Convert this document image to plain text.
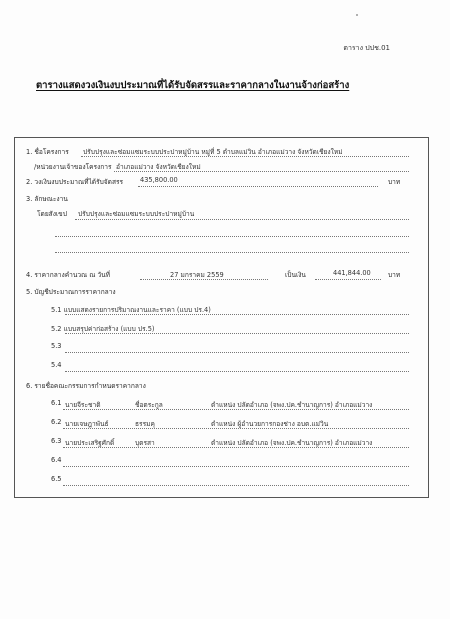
ตาราง ปปช.01
ตารางแสดงวงเงินงบประมาณที่ได้รับจัดสรรและราคากลางในงานจ้างก่อสร้าง
1. ชื่อโครงการ ปรับปรุงและซ่อมแซมระบบประปาหมู่บ้าน หมู่ที่ 5 ตำบลแม่วิน อำเภอแม่วาง จังหวัดเชียงใหม่
/หน่วยงานเจ้าของโครงการ อำเภอแม่วาง จังหวัดเชียงใหม่
2. วงเงินงบประมาณที่ได้รับจัดสรร	435,800.00	บาท
3. ลักษณะงาน
โดยสังเขป ปรับปรุงและซ่อมแซมระบบประปาหมู่บ้าน
4. ราคากลางคำนวณ ณ วันที่	27 มกราคม 2559	เป็นเงิน	441,844.00	บาท
5. บัญชีประมาณการราคากลาง
5.1 แบบแสดงรายการปริมาณงานและราคา (แบบ ปร.4)
5.2 แบบสรุปค่าก่อสร้าง (แบบ ปร.5)
5.3
5.4
6. รายชื่อคณะกรรมการกำหนดราคากลาง
6.1 นายจีระชาติ	ชื่อตระกูล	ตำแหน่ง ปลัดอำเภอ (จพง.ปค.ชำนาญการ) อำเภอแม่วาง
6.2 นายเจษฎาพันธ์	ธรรมคุ	ตำแหน่ง ผู้อำนวยการกองช่าง อบต.แม่วิน
6.3 นายประเสริฐศักดิ์	บุตรสา	ตำแหน่ง ปลัดอำเภอ (จพง.ปค.ชำนาญการ) อำเภอแม่วาง
6.4
6.5
